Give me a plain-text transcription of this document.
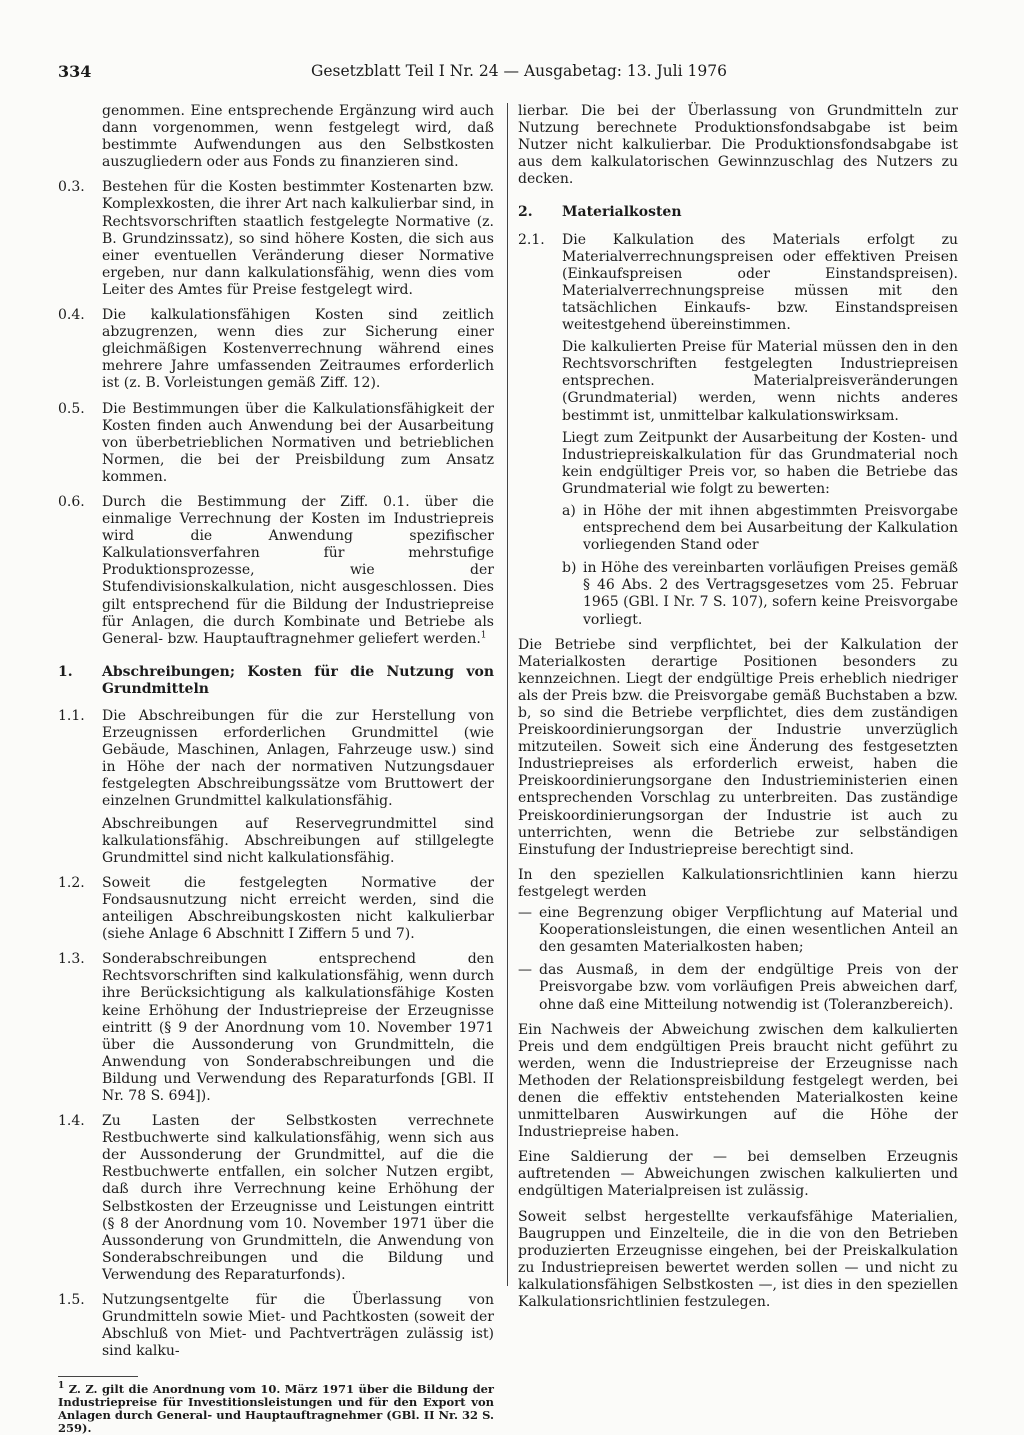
334	Gesetzblatt Teil I Nr. 24 — Ausgabetag: 13. Juli 1976

genommen. Eine entsprechende Ergänzung wird auch dann vorgenommen, wenn festgelegt wird, daß bestimmte Aufwendungen aus den Selbstkosten auszugliedern oder aus Fonds zu finanzieren sind.

0.3. Bestehen für die Kosten bestimmter Kostenarten bzw. Komplexkosten, die ihrer Art nach kalkulierbar sind, in Rechtsvorschriften staatlich festgelegte Normative (z. B. Grundzinssatz), so sind höhere Kosten, die sich aus einer eventuellen Veränderung dieser Normative ergeben, nur dann kalkulationsfähig, wenn dies vom Leiter des Amtes für Preise festgelegt wird.

0.4. Die kalkulationsfähigen Kosten sind zeitlich abzugrenzen, wenn dies zur Sicherung einer gleichmäßigen Kostenverrechnung während eines mehrere Jahre umfassenden Zeitraumes erforderlich ist (z. B. Vorleistungen gemäß Ziff. 12).

0.5. Die Bestimmungen über die Kalkulationsfähigkeit der Kosten finden auch Anwendung bei der Ausarbeitung von überbetrieblichen Normativen und betrieblichen Normen, die bei der Preisbildung zum Ansatz kommen.

0.6. Durch die Bestimmung der Ziff. 0.1. über die einmalige Verrechnung der Kosten im Industriepreis wird die Anwendung spezifischer Kalkulationsverfahren für mehrstufige Produktionsprozesse, wie der Stufendivisionskalkulation, nicht ausgeschlossen. Dies gilt entsprechend für die Bildung der Industriepreise für Anlagen, die durch Kombinate und Betriebe als General- bzw. Hauptauftragnehmer geliefert werden.$^1$

1. Abschreibungen; Kosten für die Nutzung von Grundmitteln
1.1. Die Abschreibungen für die zur Herstellung von Erzeugnissen erforderlichen Grundmittel (wie Gebäude, Maschinen, Anlagen, Fahrzeuge usw.) sind in Höhe der nach der normativen Nutzungsdauer festgelegten Abschreibungssätze vom Bruttowert der einzelnen Grundmittel kalkulationsfähig.

Abschreibungen auf Reservegrundmittel sind kalkulationsfähig. Abschreibungen auf stillgelegte Grundmittel sind nicht kalkulationsfähig.

1.2. Soweit die festgelegten Normative der Fondsausnutzung nicht erreicht werden, sind die anteiligen Abschreibungskosten nicht kalkulierbar (siehe Anlage 6 Abschnitt I Ziffern 5 und 7).

1.3. Sonderabschreibungen entsprechend den Rechtsvorschriften sind kalkulationsfähig, wenn durch ihre Berücksichtigung als kalkulationsfähige Kosten keine Erhöhung der Industriepreise der Erzeugnisse eintritt (§ 9 der Anordnung vom 10. November 1971 über die Aussonderung von Grundmitteln, die Anwendung von Sonderabschreibungen und die Bildung und Verwendung des Reparaturfonds [GBl. II Nr. 78 S. 694]).

1.4. Zu Lasten der Selbstkosten verrechnete Restbuchwerte sind kalkulationsfähig, wenn sich aus der Aussonderung der Grundmittel, auf die die Restbuchwerte entfallen, ein solcher Nutzen ergibt, daß durch ihre Verrechnung keine Erhöhung der Selbstkosten der Erzeugnisse und Leistungen eintritt (§ 8 der Anordnung vom 10. November 1971 über die Aussonderung von Grundmitteln, die Anwendung von Sonderabschreibungen und die Bildung und Verwendung des Reparaturfonds).

1.5. Nutzungsentgelte für die Überlassung von Grundmitteln sowie Miet- und Pachtkosten (soweit der Abschluß von Miet- und Pachtverträgen zulässig ist) sind kalku-

$^1$ Z. Z. gilt die Anordnung vom 10. März 1971 über die Bildung der Industriepreise für Investitionsleistungen und für den Export von Anlagen durch General- und Hauptauftragnehmer (GBl. II Nr. 32 S. 259).

lierbar. Die bei der Überlassung von Grundmitteln zur Nutzung berechnete Produktionsfondsabgabe ist beim Nutzer nicht kalkulierbar. Die Produktionsfondsabgabe ist aus dem kalkulatorischen Gewinnzuschlag des Nutzers zu decken.

2. Materialkosten
2.1. Die Kalkulation des Materials erfolgt zu Materialverrechnungspreisen oder effektiven Preisen (Einkaufspreisen oder Einstandspreisen). Materialverrechnungspreise müssen mit den tatsächlichen Einkaufs- bzw. Einstandspreisen weitestgehend übereinstimmen.

Die kalkulierten Preise für Material müssen den in den Rechtsvorschriften festgelegten Industriepreisen entsprechen. Materialpreisveränderungen (Grundmaterial) werden, wenn nichts anderes bestimmt ist, unmittelbar kalkulationswirksam.

Liegt zum Zeitpunkt der Ausarbeitung der Kosten- und Industriepreiskalkulation für das Grundmaterial noch kein endgültiger Preis vor, so haben die Betriebe das Grundmaterial wie folgt zu bewerten:

a) in Höhe der mit ihnen abgestimmten Preisvorgabe entsprechend dem bei Ausarbeitung der Kalkulation vorliegenden Stand oder

b) in Höhe des vereinbarten vorläufigen Preises gemäß § 46 Abs. 2 des Vertragsgesetzes vom 25. Februar 1965 (GBl. I Nr. 7 S. 107), sofern keine Preisvorgabe vorliegt.

Die Betriebe sind verpflichtet, bei der Kalkulation der Materialkosten derartige Positionen besonders zu kennzeichnen. Liegt der endgültige Preis erheblich niedriger als der Preis bzw. die Preisvorgabe gemäß Buchstaben a bzw. b, so sind die Betriebe verpflichtet, dies dem zuständigen Preiskoordinierungsorgan der Industrie unverzüglich mitzuteilen. Soweit sich eine Änderung des festgesetzten Industriepreises als erforderlich erweist, haben die Preiskoordinierungsorgane den Industrieministerien einen entsprechenden Vorschlag zu unterbreiten. Das zuständige Preiskoordinierungsorgan der Industrie ist auch zu unterrichten, wenn die Betriebe zur selbständigen Einstufung der Industriepreise berechtigt sind.

In den speziellen Kalkulationsrichtlinien kann hierzu festgelegt werden

— eine Begrenzung obiger Verpflichtung auf Material und Kooperationsleistungen, die einen wesentlichen Anteil an den gesamten Materialkosten haben;

— das Ausmaß, in dem der endgültige Preis von der Preisvorgabe bzw. vom vorläufigen Preis abweichen darf, ohne daß eine Mitteilung notwendig ist (Toleranzbereich).

Ein Nachweis der Abweichung zwischen dem kalkulierten Preis und dem endgültigen Preis braucht nicht geführt zu werden, wenn die Industriepreise der Erzeugnisse nach Methoden der Relationspreisbildung festgelegt werden, bei denen die effektiv entstehenden Materialkosten keine unmittelbaren Auswirkungen auf die Höhe der Industriepreise haben.

Eine Saldierung der — bei demselben Erzeugnis auftretenden — Abweichungen zwischen kalkulierten und endgültigen Materialpreisen ist zulässig.

Soweit selbst hergestellte verkaufsfähige Materialien, Baugruppen und Einzelteile, die in die von den Betrieben produzierten Erzeugnisse eingehen, bei der Preiskalkulation zu Industriepreisen bewertet werden sollen — und nicht zu kalkulationsfähigen Selbstkosten —, ist dies in den speziellen Kalkulationsrichtlinien festzulegen.
